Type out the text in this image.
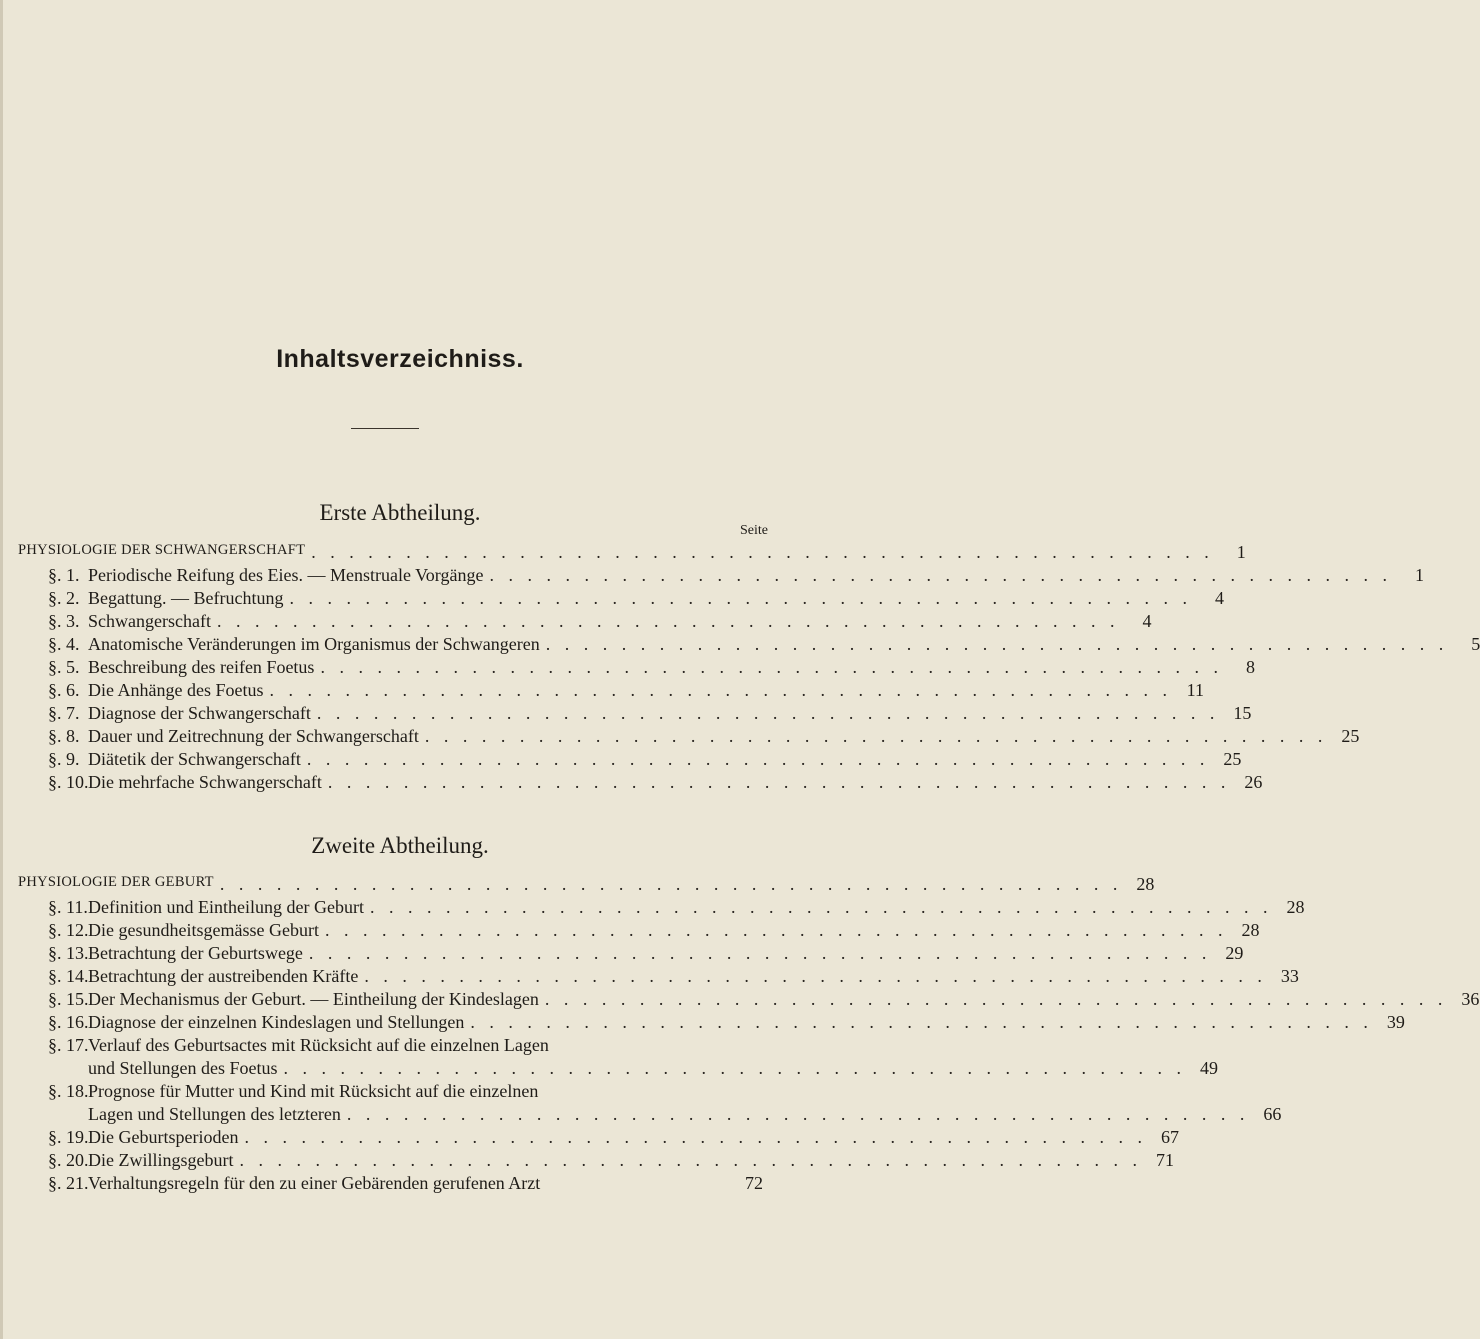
Inhaltsverzeichniss.
Erste Abtheilung.
Seite
PHYSIOLOGIE DER SCHWANGERSCHAFT . . . . . . . . . . . . . . . . . . . . . . . . . . . . . . . . . . . . . . . . . . . . . . . .	1
§. 1. Periodische Reifung des Eies. — Menstruale Vorgänge . . . . . . . . . . . . . . . . . . . . . . . . . . . . . . . . . . . . . . . . . . . . . . . .	1
§. 2. Begattung. — Befruchtung . . . . . . . . . . . . . . . . . . . . . . . . . . . . . . . . . . . . . . . . . . . . . . . .	4
§. 3. Schwangerschaft . . . . . . . . . . . . . . . . . . . . . . . . . . . . . . . . . . . . . . . . . . . . . . . .	4
§. 4. Anatomische Veränderungen im Organismus der Schwangeren . . . . . . . . . . . . . . . . . . . . . . . . . . . . . . . . . . . . . . . . . . . . . . . .	5
§. 5. Beschreibung des reifen Foetus . . . . . . . . . . . . . . . . . . . . . . . . . . . . . . . . . . . . . . . . . . . . . . . .	8
§. 6. Die Anhänge des Foetus . . . . . . . . . . . . . . . . . . . . . . . . . . . . . . . . . . . . . . . . . . . . . . . . 11
§. 7. Diagnose der Schwangerschaft . . . . . . . . . . . . . . . . . . . . . . . . . . . . . . . . . . . . . . . . . . . . . . . . 15
§. 8. Dauer und Zeitrechnung der Schwangerschaft . . . . . . . . . . . . . . . . . . . . . . . . . . . . . . . . . . . . . . . . . . . . . . . . 25
§. 9. Diätetik der Schwangerschaft . . . . . . . . . . . . . . . . . . . . . . . . . . . . . . . . . . . . . . . . . . . . . . . . 25
§. 10. Die mehrfache Schwangerschaft . . . . . . . . . . . . . . . . . . . . . . . . . . . . . . . . . . . . . . . . . . . . . . . . 26
Zweite Abtheilung.
PHYSIOLOGIE DER GEBURT . . . . . . . . . . . . . . . . . . . . . . . . . . . . . . . . . . . . . . . . . . . . . . . . 28
§. 11. Definition und Eintheilung der Geburt . . . . . . . . . . . . . . . . . . . . . . . . . . . . . . . . . . . . . . . . . . . . . . . . 28
§. 12. Die gesundheitsgemässe Geburt . . . . . . . . . . . . . . . . . . . . . . . . . . . . . . . . . . . . . . . . . . . . . . . . 28
§. 13. Betrachtung der Geburtswege . . . . . . . . . . . . . . . . . . . . . . . . . . . . . . . . . . . . . . . . . . . . . . . . 29
§. 14. Betrachtung der austreibenden Kräfte . . . . . . . . . . . . . . . . . . . . . . . . . . . . . . . . . . . . . . . . . . . . . . . . 33
§. 15. Der Mechanismus der Geburt. — Eintheilung der Kindeslagen . . . . . . . . . . . . . . . . . . . . . . . . . . . . . . . . . . . . . . . . . . . . . . . . 36
§. 16. Diagnose der einzelnen Kindeslagen und Stellungen . . . . . . . . . . . . . . . . . . . . . . . . . . . . . . . . . . . . . . . . . . . . . . . . 39
§. 17. Verlauf des Geburtsactes mit Rücksicht auf die einzelnen Lagen
und Stellungen des Foetus . . . . . . . . . . . . . . . . . . . . . . . . . . . . . . . . . . . . . . . . . . . . . . . . 49
§. 18. Prognose für Mutter und Kind mit Rücksicht auf die einzelnen
Lagen und Stellungen des letzteren . . . . . . . . . . . . . . . . . . . . . . . . . . . . . . . . . . . . . . . . . . . . . . . . 66
§. 19. Die Geburtsperioden . . . . . . . . . . . . . . . . . . . . . . . . . . . . . . . . . . . . . . . . . . . . . . . . 67
§. 20. Die Zwillingsgeburt . . . . . . . . . . . . . . . . . . . . . . . . . . . . . . . . . . . . . . . . . . . . . . . . 71
§. 21. Verhaltungsregeln für den zu einer Gebärenden gerufenen Arzt	72
